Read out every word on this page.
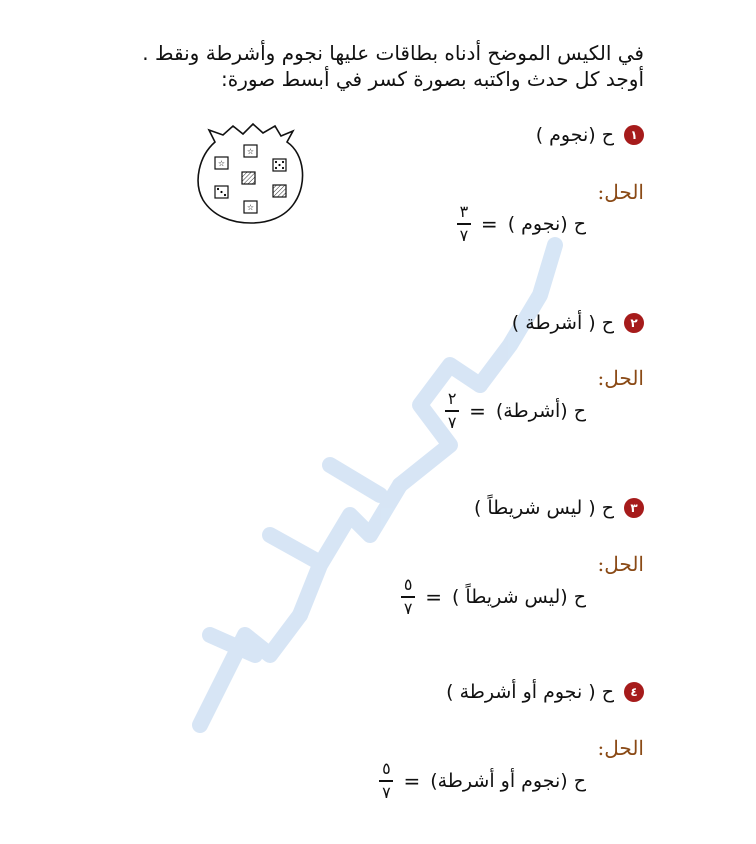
في الكيس الموضح أدناه بطاقات عليها نجوم وأشرطة ونقط .
أوجد كل حدث واكتبه بصورة كسر في أبسط صورة:
☆
☆
☆
١
ح (نجوم )
الحل:
ح (نجوم )
=
$\frac{٣}{٧}$
٢
ح ( أشرطة )
الحل:
ح (أشرطة)
=
$\frac{٢}{٧}$
٣
ح ( ليس شريطاً )
الحل:
ح (ليس شريطاً )
=
$\frac{٥}{٧}$
٤
ح ( نجوم أو أشرطة )
الحل:
ح (نجوم أو أشرطة)
=
$\frac{٥}{٧}$
